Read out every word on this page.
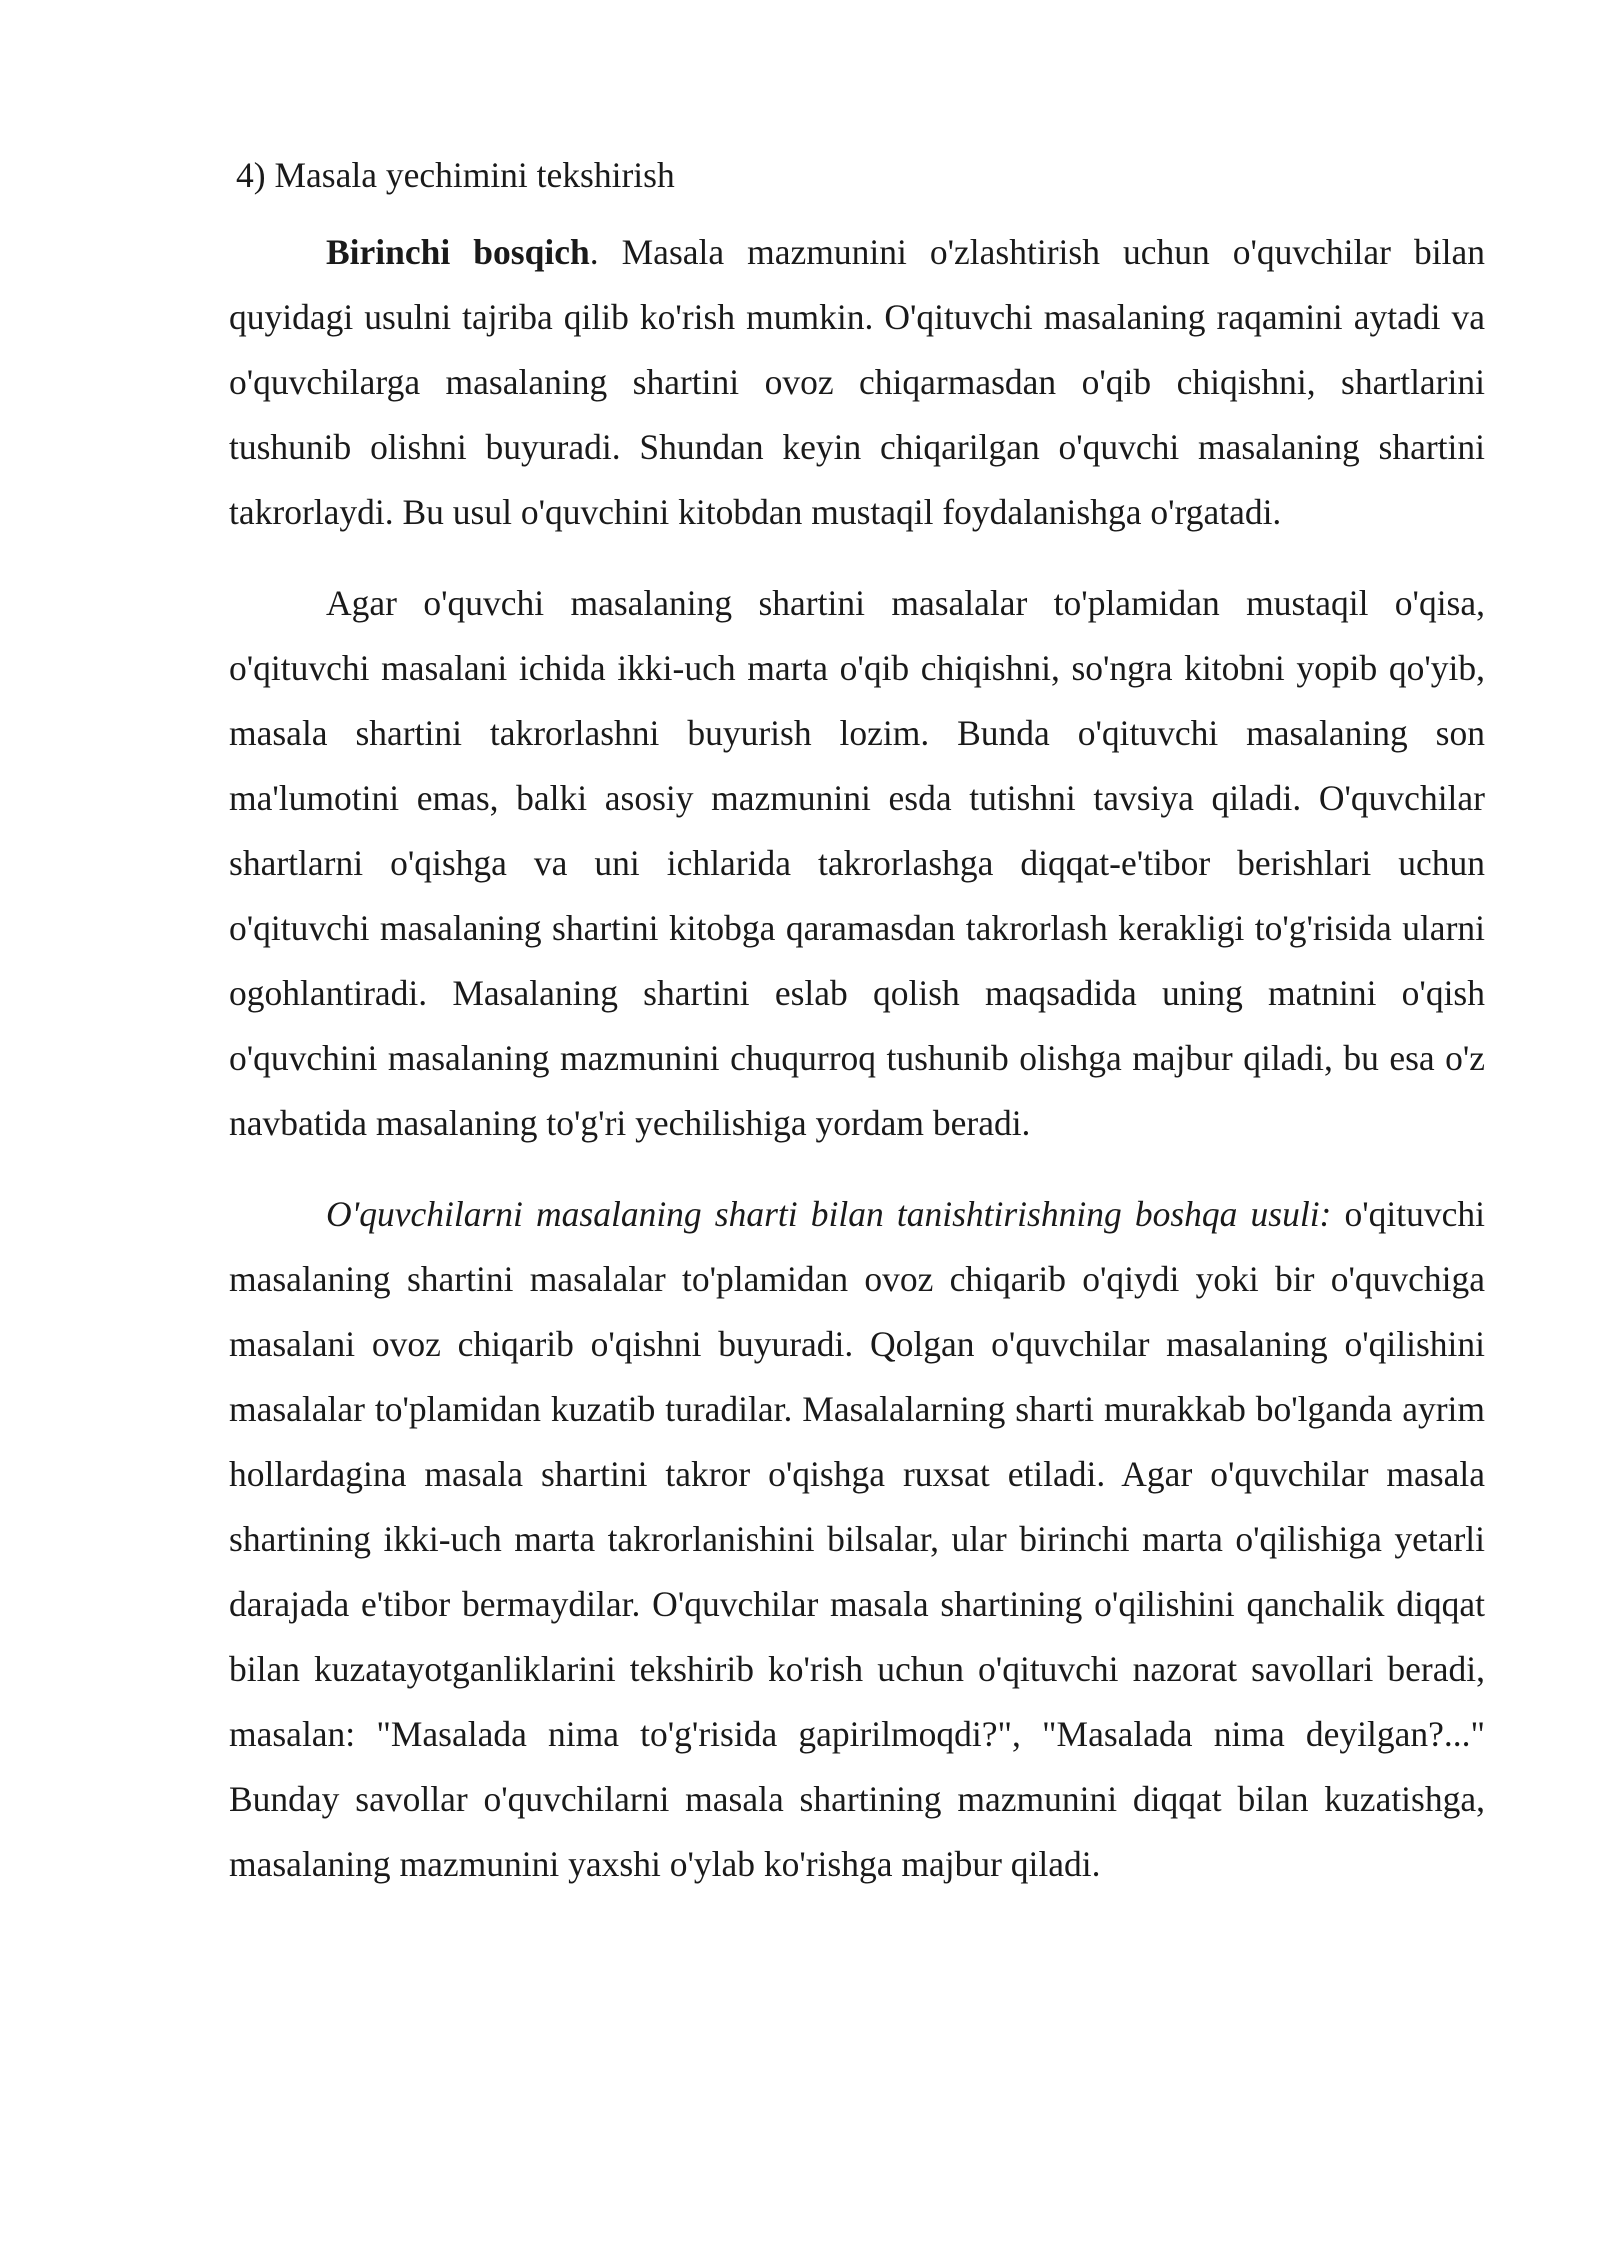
4) Masala yechimini tekshirish

Birinchi bosqich. Masala mazmunini o'zlashtirish uchun o'quvchilar bilan quyidagi usulni tajriba qilib ko'rish mumkin. O'qituvchi masalaning raqamini aytadi va o'quvchilarga masalaning shartini ovoz chiqarmasdan o'qib chiqishni, shartlarini tushunib olishni buyuradi. Shundan keyin chiqarilgan o'quvchi masalaning shartini takrorlaydi. Bu usul o'quvchini kitobdan mustaqil foydalanishga o'rgatadi.

Agar o'quvchi masalaning shartini masalalar to'plamidan mustaqil o'qisa, o'qituvchi masalani ichida ikki-uch marta o'qib chiqishni, so'ngra kitobni yopib qo'yib, masala shartini takrorlashni buyurish lozim. Bunda o'qituvchi masalaning son ma'lumotini emas, balki asosiy mazmunini esda tutishni tavsiya qiladi. O'quvchilar shartlarni o'qishga va uni ichlarida takrorlashga diqqat-e'tibor berishlari uchun o'qituvchi masalaning shartini kitobga qaramasdan takrorlash kerakligi to'g'risida ularni ogohlantiradi. Masalaning shartini eslab qolish maqsadida uning matnini o'qish o'quvchini masalaning mazmunini chuqurroq tushunib olishga majbur qiladi, bu esa o'z navbatida masalaning to'g'ri yechilishiga yordam beradi.

O'quvchilarni masalaning sharti bilan tanishtirishning boshqa usuli: o'qituvchi masalaning shartini masalalar to'plamidan ovoz chiqarib o'qiydi yoki bir o'quvchiga masalani ovoz chiqarib o'qishni buyuradi. Qolgan o'quvchilar masalaning o'qilishini masalalar to'plamidan kuzatib turadilar. Masalalarning sharti murakkab bo'lganda ayrim hollardagina masala shartini takror o'qishga ruxsat etiladi. Agar o'quvchilar masala shartining ikki-uch marta takrorlanishini bilsalar, ular birinchi marta o'qilishiga yetarli darajada e'tibor bermaydilar. O'quvchilar masala shartining o'qilishini qanchalik diqqat bilan kuzatayotganliklarini tekshirib ko'rish uchun o'qituvchi nazorat savollari beradi, masalan: "Masalada nima to'g'risida gapirilmoqdi?", "Masalada nima deyilgan?..." Bunday savollar o'quvchilarni masala shartining mazmunini diqqat bilan kuzatishga, masalaning mazmunini yaxshi o'ylab ko'rishga majbur qiladi.
